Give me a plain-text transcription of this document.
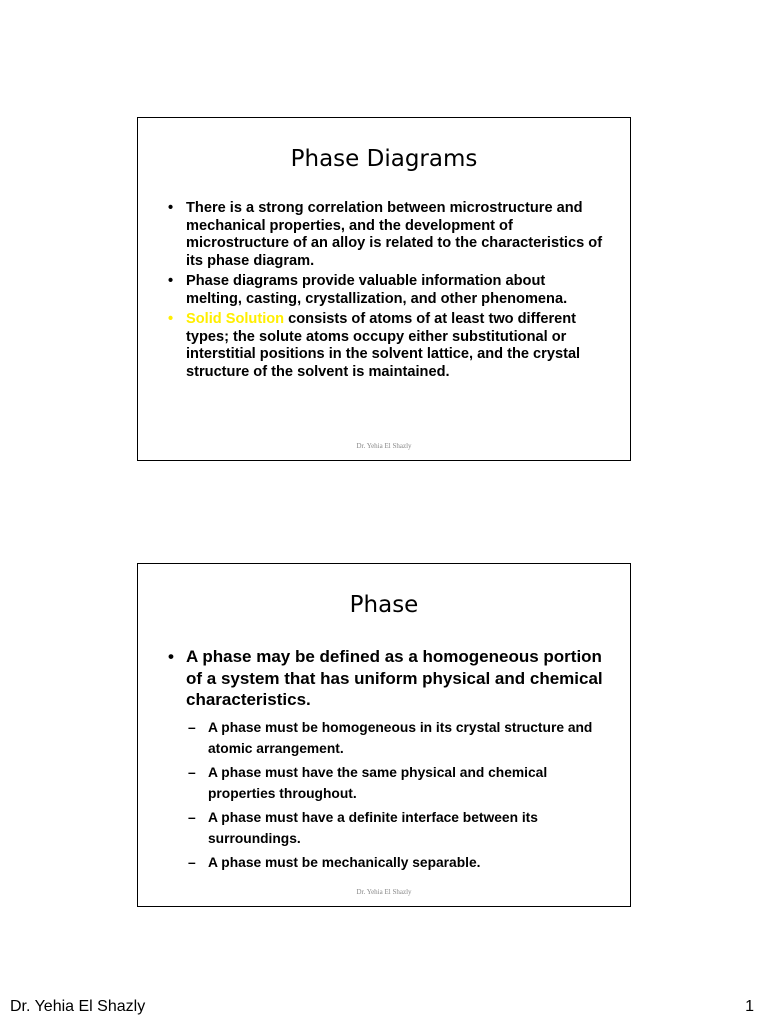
Phase Diagrams
• There is a strong correlation between microstructure and mechanical properties, and the development of microstructure of an alloy is related to the characteristics of its phase diagram.
• Phase diagrams provide valuable information about melting, casting, crystallization, and other phenomena.
• Solid Solution consists of atoms of at least two different types; the solute atoms occupy either substitutional or interstitial positions in the solvent lattice, and the crystal structure of the solvent is maintained.
Dr. Yehia El Shazly
Phase
• A phase may be defined as a homogeneous portion of a system that has uniform physical and chemical characteristics.
– A phase must be homogeneous in its crystal structure and atomic arrangement.
– A phase must have the same physical and chemical properties throughout.
– A phase must have a definite interface between its surroundings.
– A phase must be mechanically separable.
Dr. Yehia El Shazly
Dr. Yehia El Shazly	1
